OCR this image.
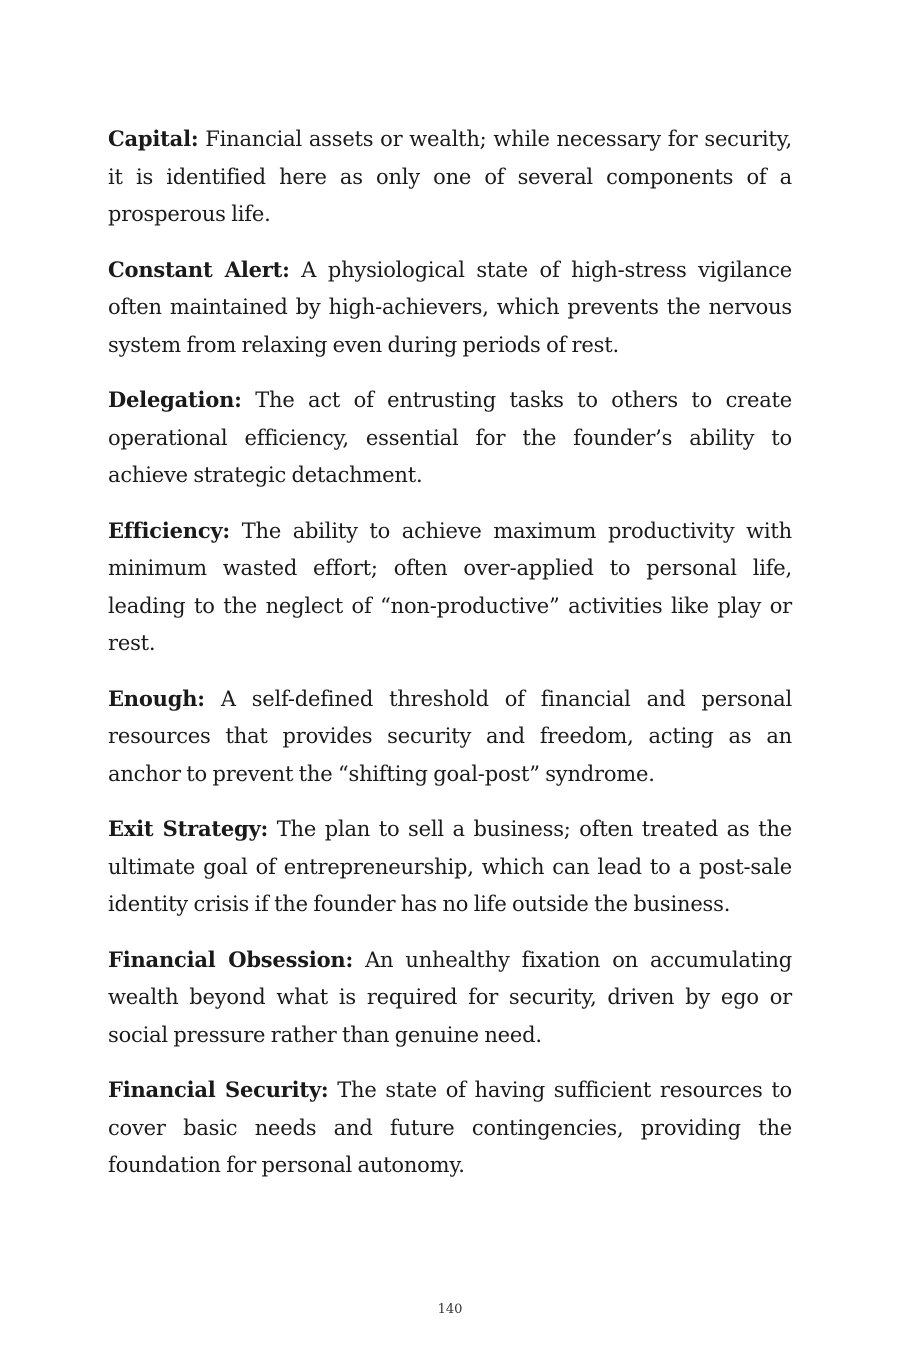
Capital: Financial assets or wealth; while necessary for security, it is identified here as only one of several components of a prosperous life.

Constant Alert: A physiological state of high-stress vigilance often maintained by high-achievers, which prevents the nervous system from relaxing even during periods of rest.

Delegation: The act of entrusting tasks to others to create operational efficiency, essential for the founder’s ability to achieve strategic detachment.

Efficiency: The ability to achieve maximum productivity with minimum wasted effort; often over-applied to personal life, leading to the neglect of “non-productive” activities like play or rest.

Enough: A self-defined threshold of financial and personal resources that provides security and freedom, acting as an anchor to prevent the “shifting goal-post” syndrome.

Exit Strategy: The plan to sell a business; often treated as the ultimate goal of entrepreneurship, which can lead to a post-sale identity crisis if the founder has no life outside the business.

Financial Obsession: An unhealthy fixation on accumulating wealth beyond what is required for security, driven by ego or social pressure rather than genuine need.

Financial Security: The state of having sufficient resources to cover basic needs and future contingencies, providing the foundation for personal autonomy.

140
